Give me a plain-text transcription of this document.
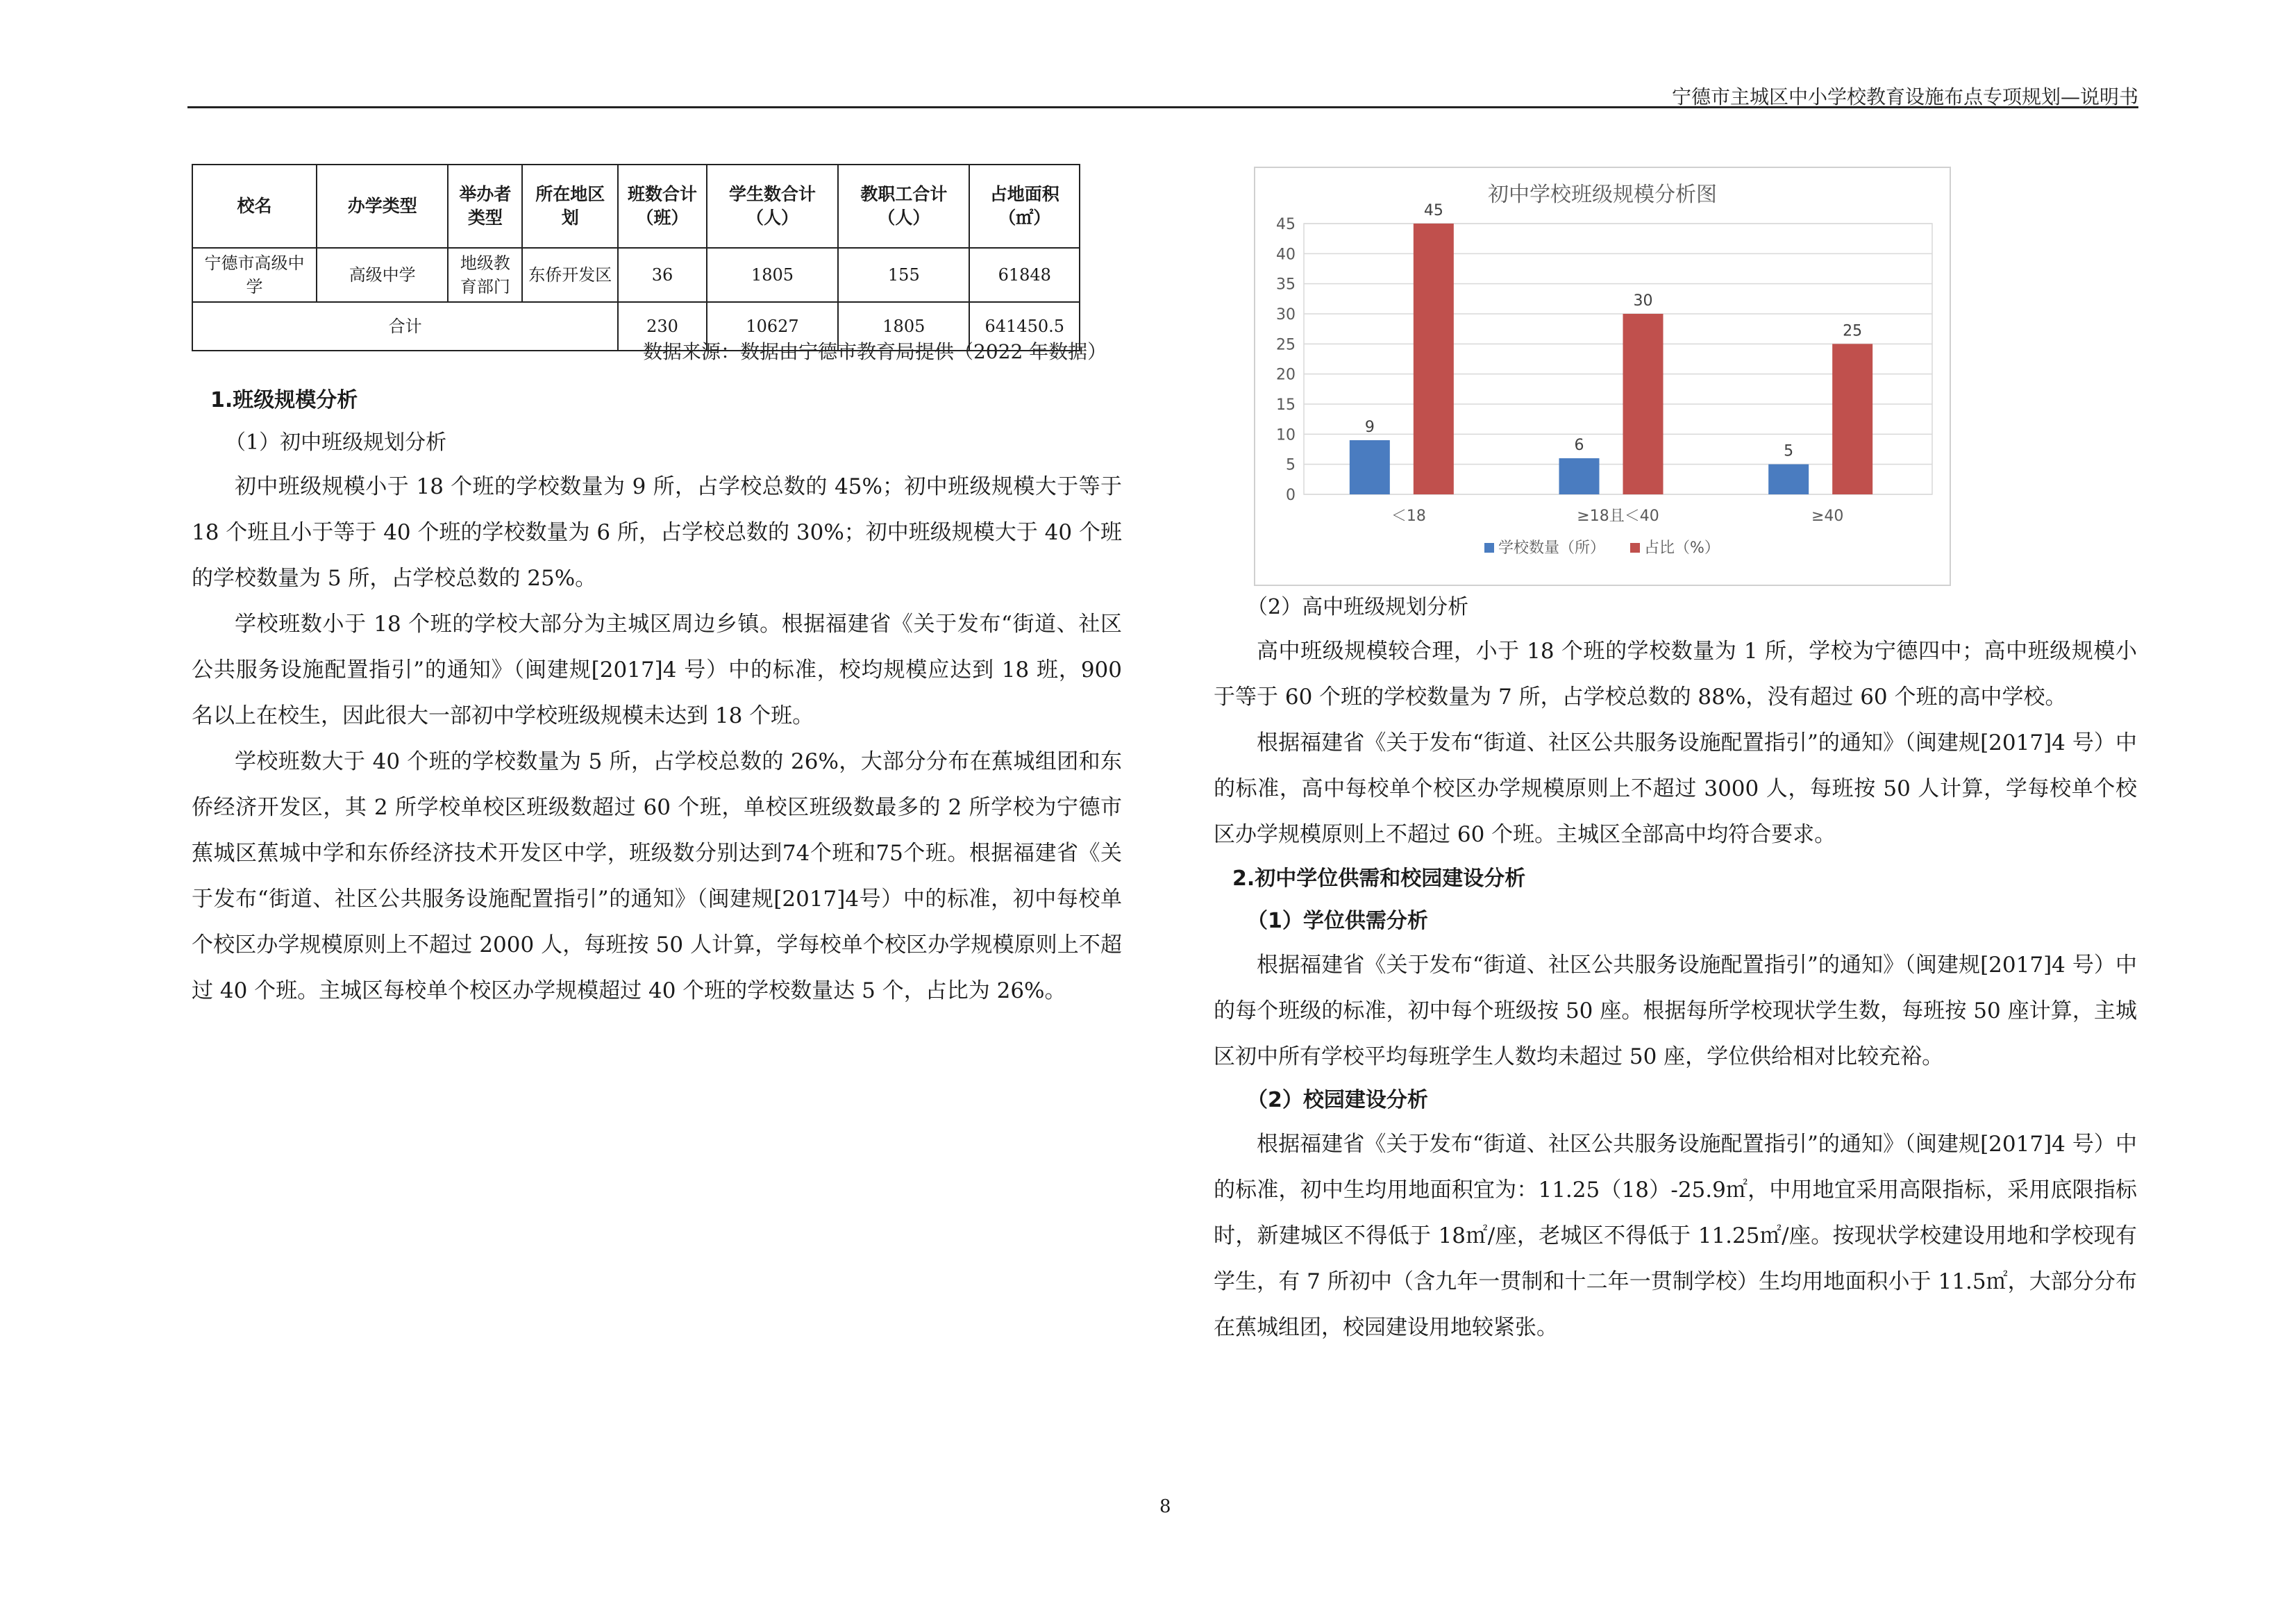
宁德市主城区中小学校教育设施布点专项规划—说明书
校名	办学类型	举办者类型	所在地区划	班数合计（班）	学生数合计（人）	教职工合计（人）	占地面积（㎡）
宁德市高级中学	高级中学	地级教育部门	东侨开发区	36	1805	155	61848
合计				230	10627	1805	641450.5
数据来源：数据由宁德市教育局提供（2022 年数据）

1.班级规模分析

（1）初中班级规划分析

初中班级规模小于 18 个班的学校数量为 9 所，占学校总数的 45%；初中班级规模大于等于 18 个班且小于等于 40 个班的学校数量为 6 所，占学校总数的 30%；初中班级规模大于 40 个班的学校数量为 5 所，占学校总数的 25%。

学校班数小于 18 个班的学校大部分为主城区周边乡镇。根据福建省《关于发布“街道、社区公共服务设施配置指引”的通知》（闽建规[2017]4 号）中的标准，校均规模应达到 18 班，900 名以上在校生，因此很大一部初中学校班级规模未达到 18 个班。

学校班数大于 40 个班的学校数量为 5 所，占学校总数的 26%，大部分分布在蕉城组团和东侨经济开发区，其 2 所学校单校区班级数超过 60 个班，单校区班级数最多的 2 所学校为宁德市蕉城区蕉城中学和东侨经济技术开发区中学，班级数分别达到74个班和75个班。根据福建省《关于发布“街道、社区公共服务设施配置指引”的通知》（闽建规[2017]4号）中的标准，初中每校单个校区办学规模原则上不超过 2000 人，每班按 50 人计算，学每校单个校区办学规模原则上不超过 40 个班。主城区每校单个校区办学规模超过 40 个班的学校数量达 5 个，占比为 26%。

初中学校班级规模分析图
0
5
10
15
20
25
30
35
40
45
9
45
6
30
5
25
＜18	≥18且＜40	≥40
学校数量（所）	占比（%）

（2）高中班级规划分析

高中班级规模较合理，小于 18 个班的学校数量为 1 所，学校为宁德四中；高中班级规模小于等于 60 个班的学校数量为 7 所，占学校总数的 88%，没有超过 60 个班的高中学校。

根据福建省《关于发布“街道、社区公共服务设施配置指引”的通知》（闽建规[2017]4 号）中的标准，高中每校单个校区办学规模原则上不超过 3000 人，每班按 50 人计算，学每校单个校区办学规模原则上不超过 60 个班。主城区全部高中均符合要求。

2.初中学位供需和校园建设分析

（1）学位供需分析

根据福建省《关于发布“街道、社区公共服务设施配置指引”的通知》（闽建规[2017]4 号）中的每个班级的标准，初中每个班级按 50 座。根据每所学校现状学生数，每班按 50 座计算，主城区初中所有学校平均每班学生人数均未超过 50 座，学位供给相对比较充裕。

（2）校园建设分析

根据福建省《关于发布“街道、社区公共服务设施配置指引”的通知》（闽建规[2017]4 号）中的标准，初中生均用地面积宜为：11.25（18）-25.9㎡，中用地宜采用高限指标，采用底限指标时，新建城区不得低于 18㎡/座，老城区不得低于 11.25㎡/座。按现状学校建设用地和学校现有学生，有 7 所初中（含九年一贯制和十二年一贯制学校）生均用地面积小于 11.5㎡，大部分分布在蕉城组团，校园建设用地较紧张。

8
